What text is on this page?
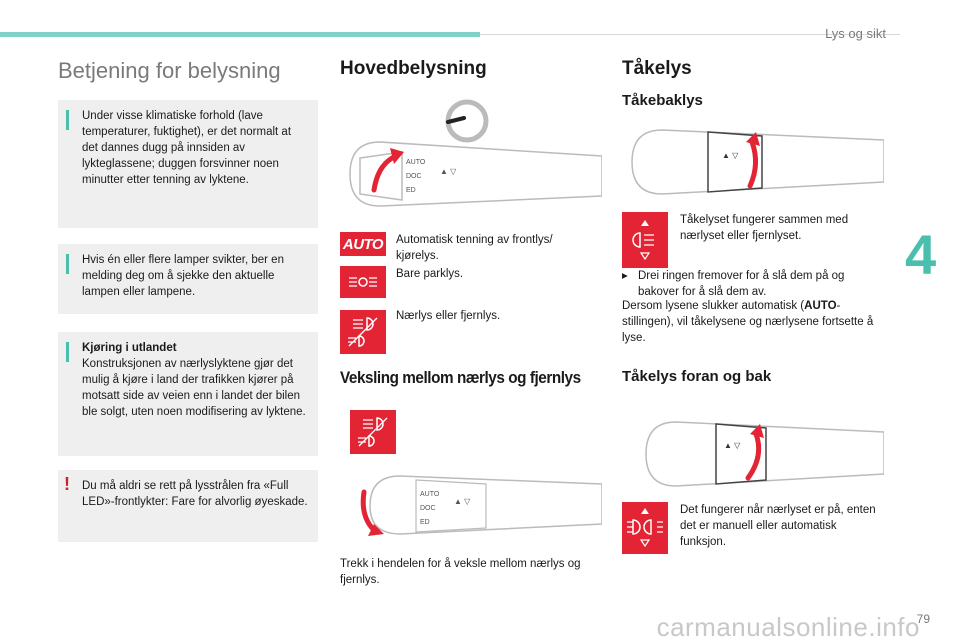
Lys og sikt
4
carmanualsonline.info
79
Betjening for belysning
Under visse klimatiske forhold (lave temperaturer, fuktighet), er det normalt at det dannes dugg på innsiden av lykteglassene; duggen forsvinner noen minutter etter tenning av lyktene.
Hvis én eller flere lamper svikter, ber en melding deg om å sjekke den aktuelle lampen eller lampene.
Kjøring i utlandet
Konstruksjonen av nærlyslyktene gjør det mulig å kjøre i land der trafikken kjører på motsatt side av veien enn i landet der bilen ble solgt, uten noen modifisering av lyktene.
! Du må aldri se rett på lysstrålen fra «Full LED»-frontlykter: Fare for alvorlig øyeskade.
Hovedbelysning
AUTO
DOC
ED
▲ ▽
AUTO Automatisk tenning av frontlys/ kjørelys.
Bare parklys.
Nærlys eller fjernlys.
Veksling mellom nærlys og fjernlys
AUTO
DOC
ED
▲ ▽
Trekk i hendelen for å veksle mellom nærlys og fjernlys.
Tåkelys
Tåkebaklys
▲ ▽
Tåkelyset fungerer sammen med nærlyset eller fjernlyset.
▸ Drei ringen fremover for å slå dem på og bakover for å slå dem av.
Dersom lysene slukker automatisk (AUTO-stillingen), vil tåkelysene og nærlysene fortsette å lyse.
Tåkelys foran og bak
▲ ▽
Det fungerer når nærlyset er på, enten det er manuell eller automatisk funksjon.
